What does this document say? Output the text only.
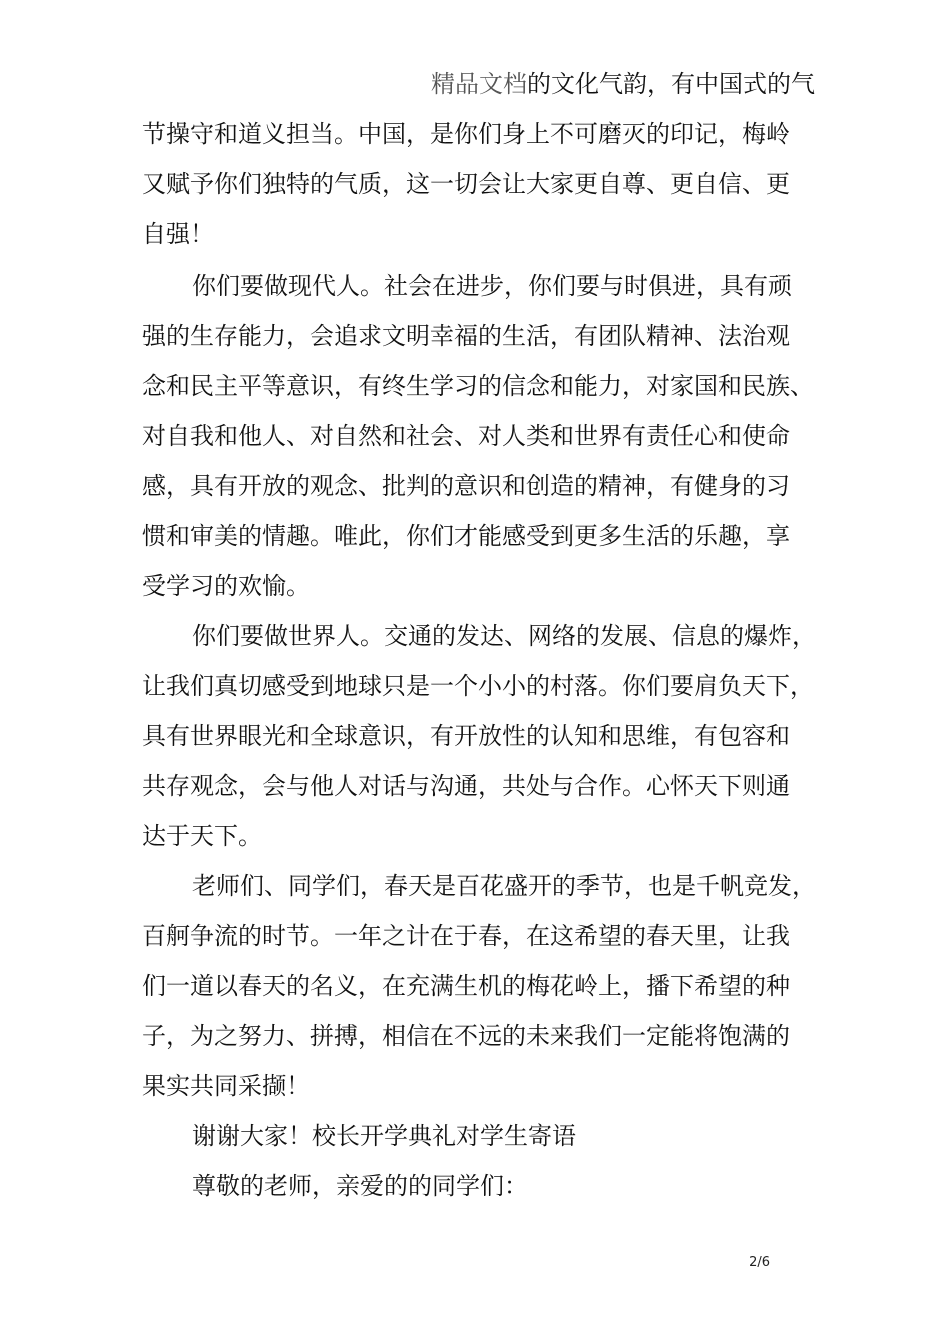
精品文档的文化气韵，有中国式的气
节操守和道义担当。中国，是你们身上不可磨灭的印记，梅岭
又赋予你们独特的气质，这一切会让大家更自尊、更自信、更
自强！
你们要做现代人。社会在进步，你们要与时俱进，具有顽
强的生存能力，会追求文明幸福的生活，有团队精神、法治观
念和民主平等意识，有终生学习的信念和能力，对家国和民族、
对自我和他人、对自然和社会、对人类和世界有责任心和使命
感，具有开放的观念、批判的意识和创造的精神，有健身的习
惯和审美的情趣。唯此，你们才能感受到更多生活的乐趣，享
受学习的欢愉。
你们要做世界人。交通的发达、网络的发展、信息的爆炸，
让我们真切感受到地球只是一个小小的村落。你们要肩负天下，
具有世界眼光和全球意识，有开放性的认知和思维，有包容和
共存观念，会与他人对话与沟通，共处与合作。心怀天下则通
达于天下。
老师们、同学们，春天是百花盛开的季节，也是千帆竞发，
百舸争流的时节。一年之计在于春，在这希望的春天里，让我
们一道以春天的名义，在充满生机的梅花岭上，播下希望的种
子，为之努力、拼搏，相信在不远的未来我们一定能将饱满的
果实共同采撷！
谢谢大家！校长开学典礼对学生寄语
尊敬的老师，亲爱的的同学们：
2/6
